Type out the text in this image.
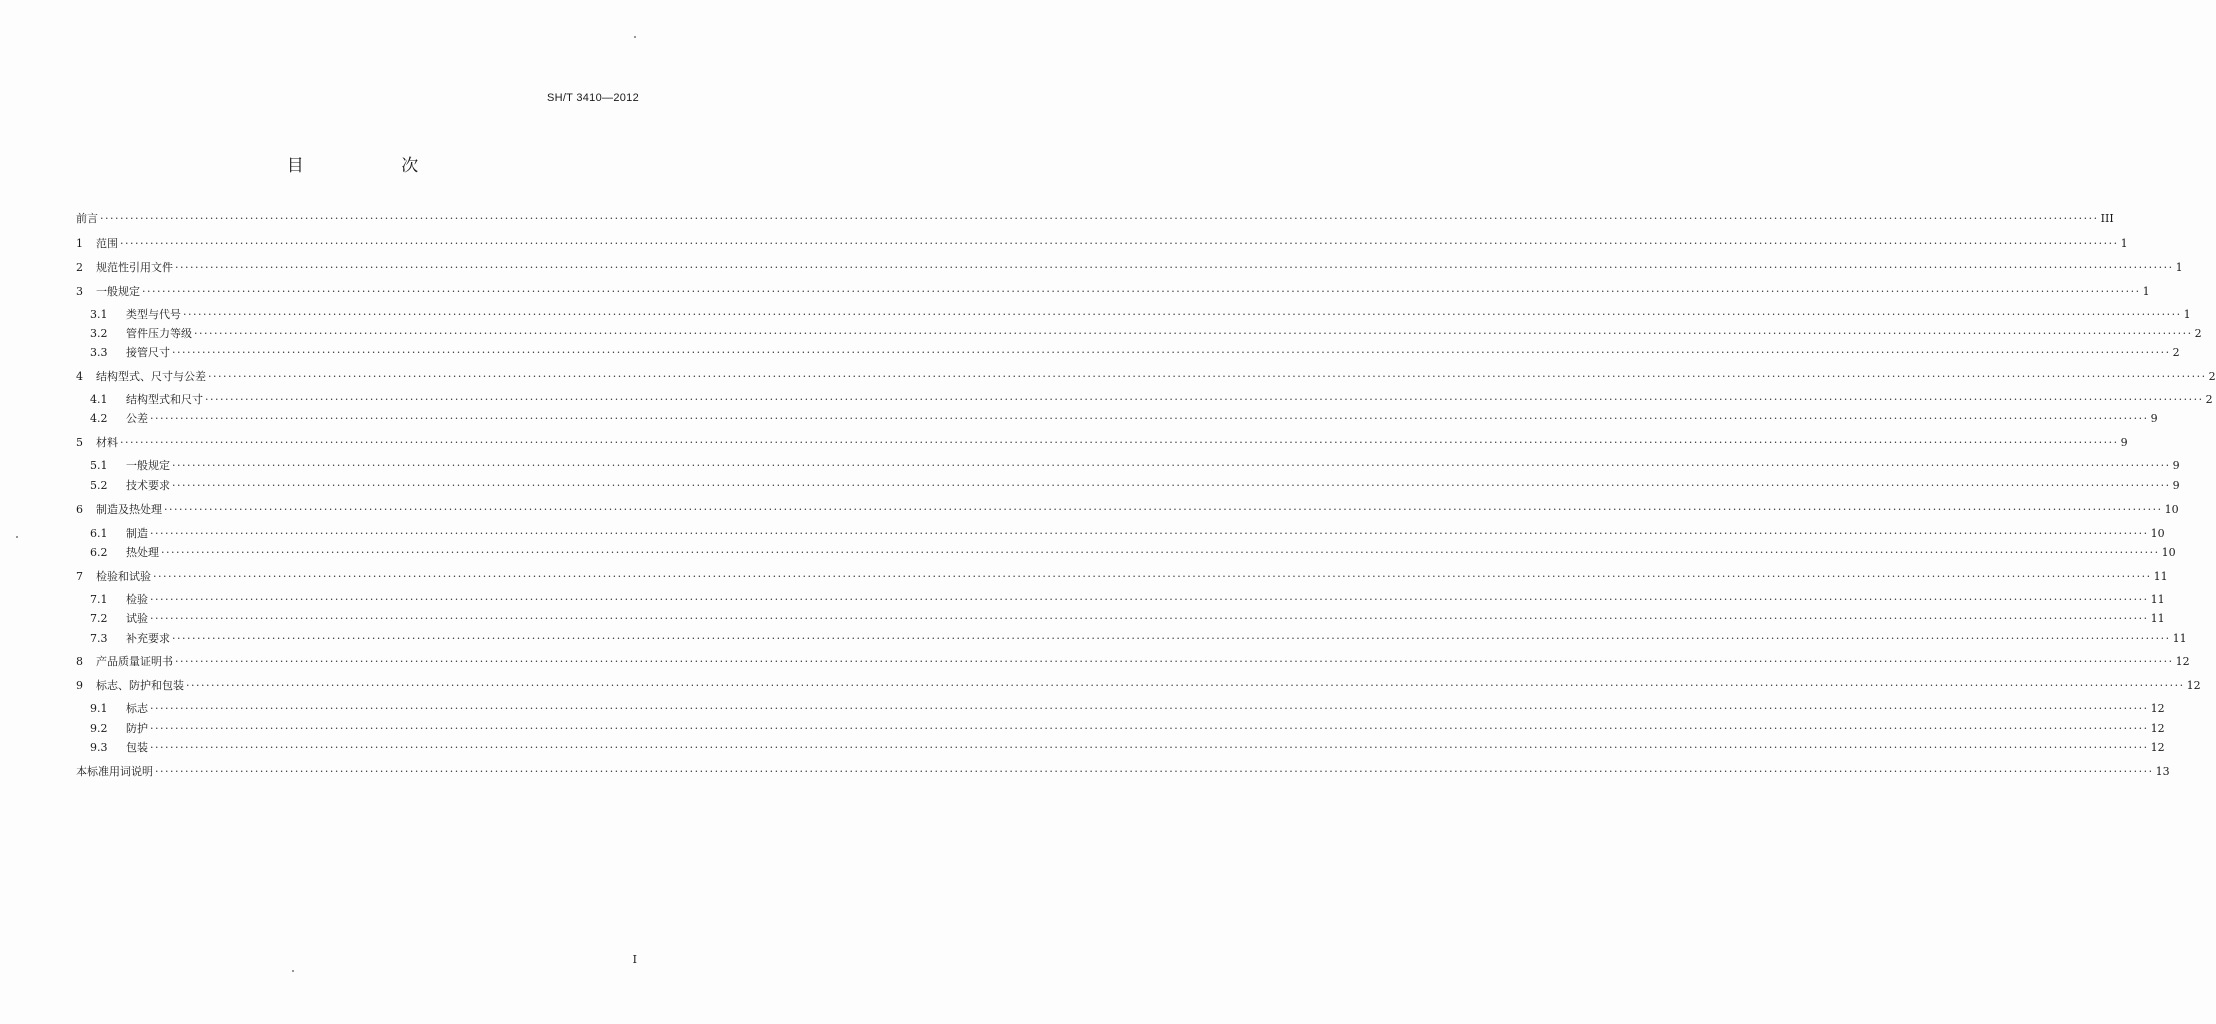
SH/T 3410—2012
目 次
前言 ················································································································································································································································································································································································································ III
1	范围 ················································································································································································································································································································································································································ 1
2	规范性引用文件 ················································································································································································································································································································································································································ 1
3	一般规定 ················································································································································································································································································································································································································ 1
3.1	类型与代号 ················································································································································································································································································································································································································ 1
3.2	管件压力等级 ················································································································································································································································································································································································································ 2
3.3	接管尺寸 ················································································································································································································································································································································································································ 2
4	结构型式、尺寸与公差 ················································································································································································································································································································································································································ 2
4.1	结构型式和尺寸 ················································································································································································································································································································································································································ 2
4.2	公差 ················································································································································································································································································································································································································ 9
5	材料 ················································································································································································································································································································································································································ 9
5.1	一般规定 ················································································································································································································································································································································································································ 9
5.2	技术要求 ················································································································································································································································································································································································································ 9
6	制造及热处理 ················································································································································································································································································································································································································ 10
6.1	制造 ················································································································································································································································································································································································································ 10
6.2	热处理 ················································································································································································································································································································································································································ 10
7	检验和试验 ················································································································································································································································································································································································································ 11
7.1	检验 ················································································································································································································································································································································································································ 11
7.2	试验 ················································································································································································································································································································································································································ 11
7.3	补充要求 ················································································································································································································································································································································································································ 11
8	产品质量证明书 ················································································································································································································································································································································································································ 12
9	标志、防护和包装 ················································································································································································································································································································································································································ 12
9.1	标志 ················································································································································································································································································································································································································ 12
9.2	防护 ················································································································································································································································································································································································································ 12
9.3	包装 ················································································································································································································································································································································································································ 12
本标准用词说明 ················································································································································································································································································································································································································ 13
I
